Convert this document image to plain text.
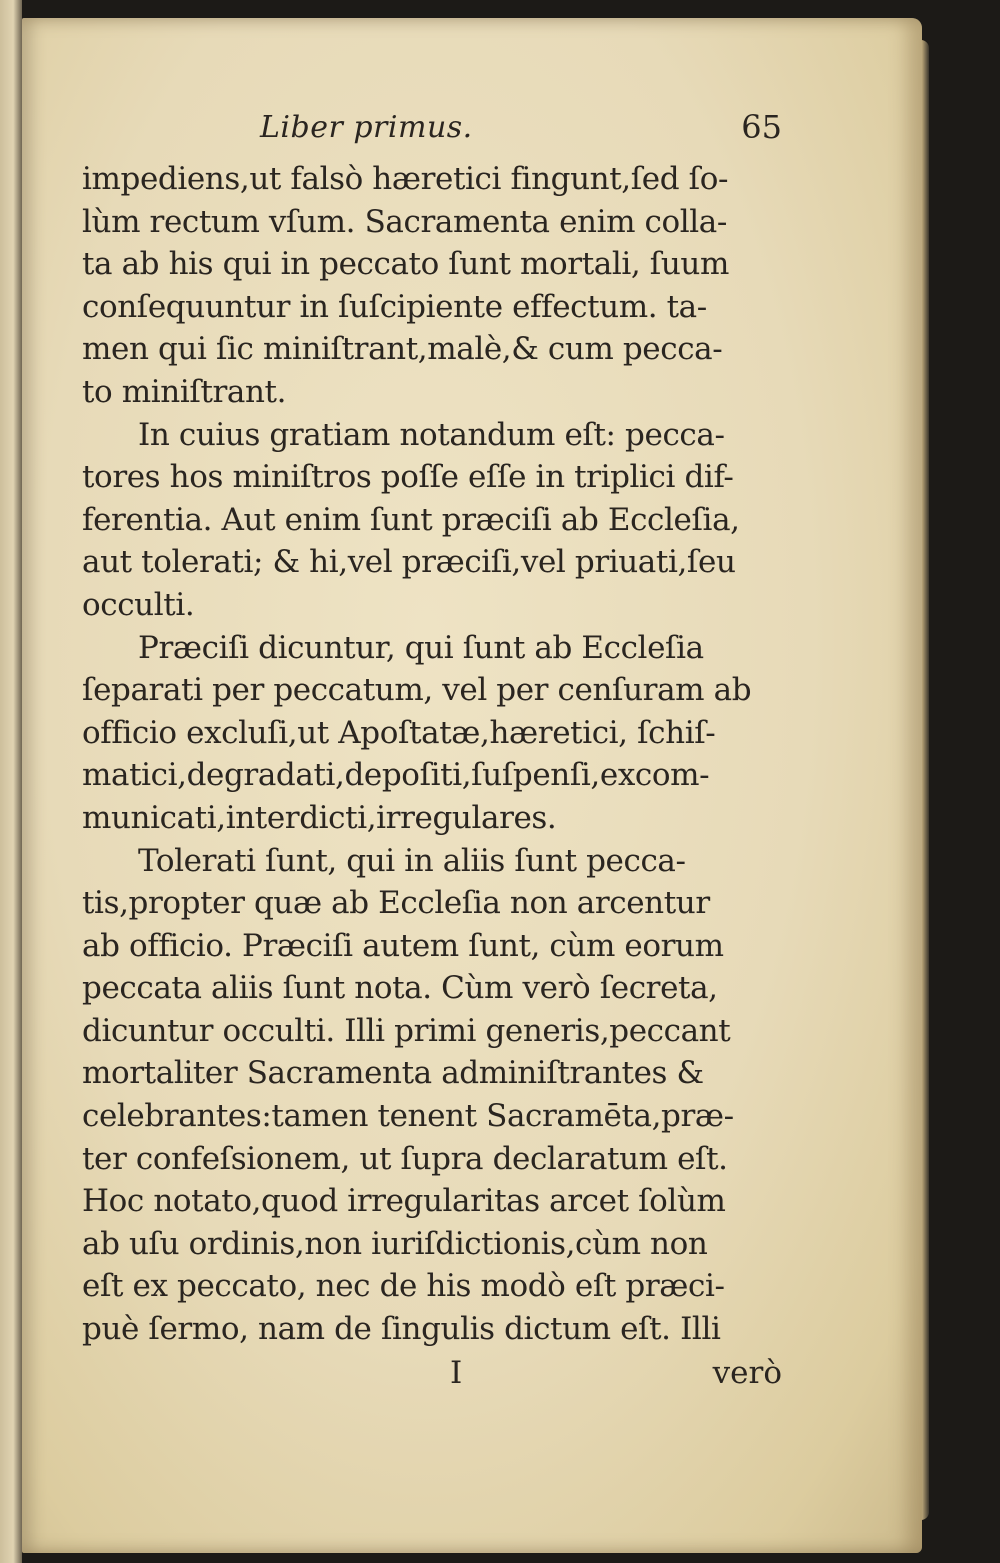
Liber primus.	65
impediens,ut falsò hæretici fingunt,ſed ſo-
lùm rectum vſum. Sacramenta enim colla-
ta ab his qui in peccato ſunt mortali, ſuum
conſequuntur in ſuſcipiente effectum. ta-
men qui ſic miniſtrant,malè,& cum pecca-
to miniſtrant.
In cuius gratiam notandum eſt: pecca-
tores hos miniſtros poſſe eſſe in triplici dif-
ferentia. Aut enim ſunt præciſi ab Eccleſia,
aut tolerati; & hi,vel præciſi,vel priuati,ſeu
occulti.
Præciſi dicuntur, qui ſunt ab Eccleſia
ſeparati per peccatum, vel per cenſuram ab
officio excluſi,ut Apoſtatæ,hæretici, ſchiſ-
matici,degradati,depoſiti,ſuſpenſi,excom-
municati,interdicti,irregulares.
Tolerati ſunt, qui in aliis ſunt pecca-
tis,propter quæ ab Eccleſia non arcentur
ab officio. Præciſi autem ſunt, cùm eorum
peccata aliis ſunt nota. Cùm verò ſecreta,
dicuntur occulti. Illi primi generis,peccant
mortaliter Sacramenta adminiſtrantes &
celebrantes:tamen tenent Sacramēta,præ-
ter confeſsionem, ut ſupra declaratum eſt.
Hoc notato,quod irregularitas arcet ſolùm
ab uſu ordinis,non iuriſdictionis,cùm non
eſt ex peccato, nec de his modò eſt præci-
puè ſermo, nam de ſingulis dictum eſt. Illi
I	verò
